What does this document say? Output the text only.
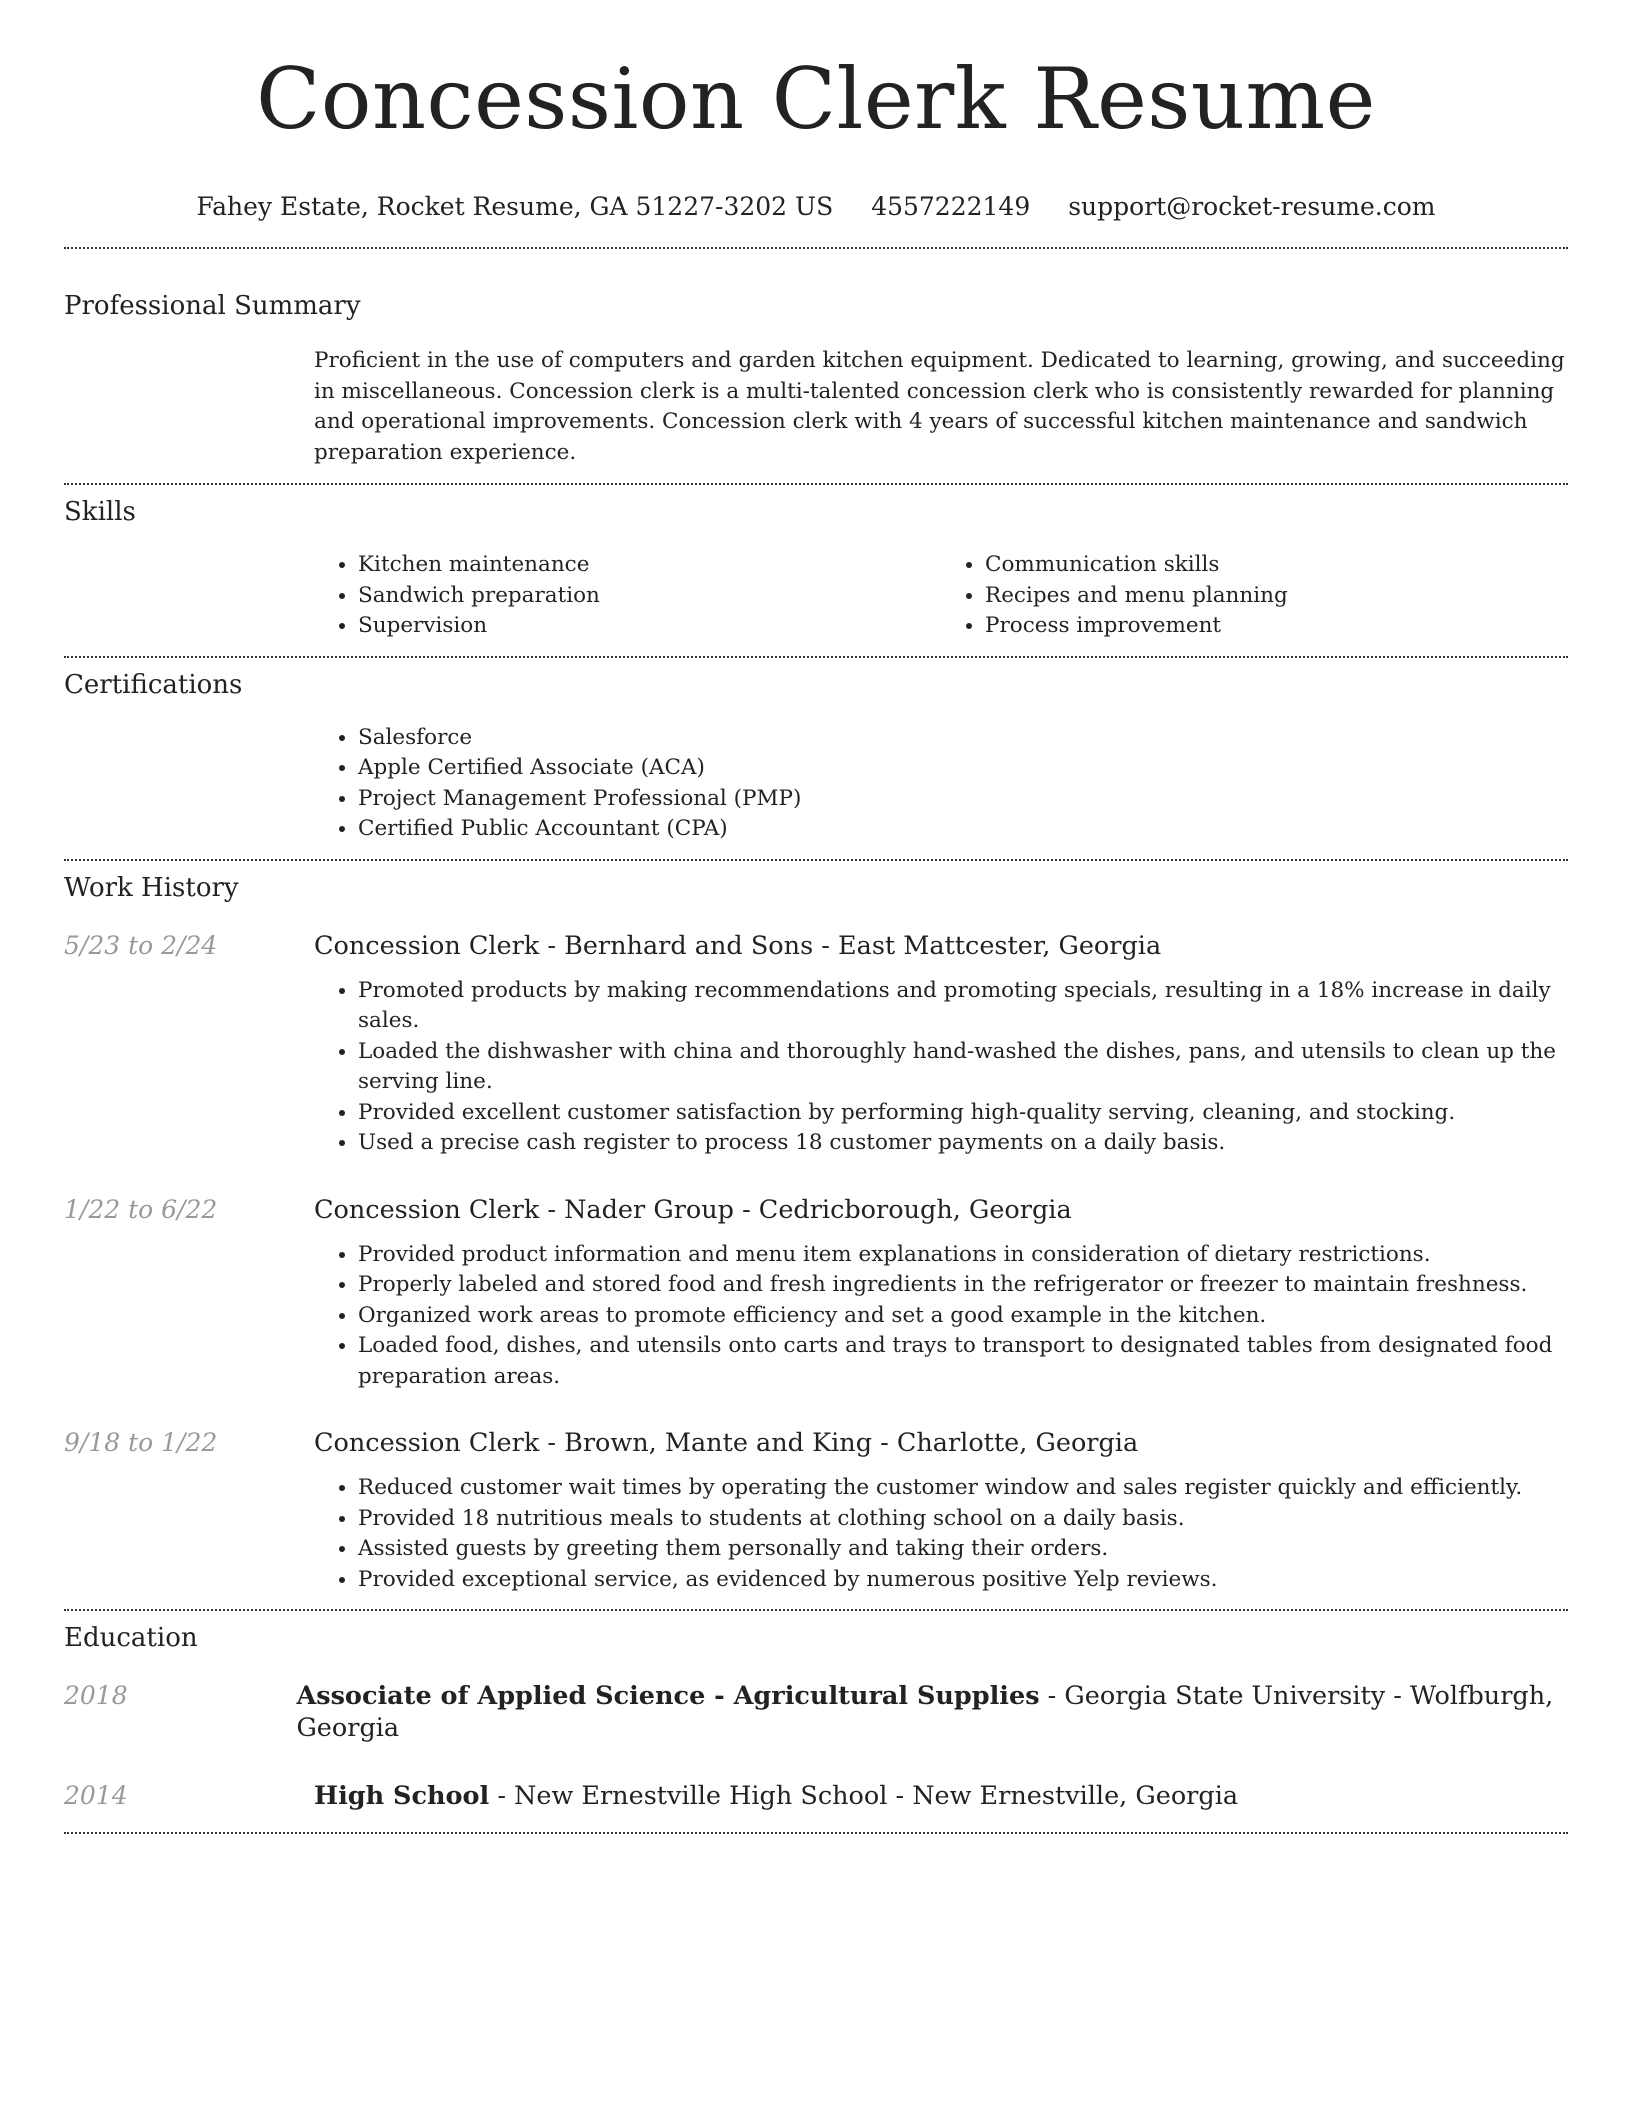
Concession Clerk Resume
Fahey Estate, Rocket Resume, GA 51227-3202 US 4557222149 support@rocket-resume.com
Professional Summary
Proficient in the use of computers and garden kitchen equipment. Dedicated to learning, growing, and succeeding in miscellaneous. Concession clerk is a multi-talented concession clerk who is consistently rewarded for planning and operational improvements. Concession clerk with 4 years of successful kitchen maintenance and sandwich preparation experience.
Skills
• Kitchen maintenance
• Sandwich preparation
• Supervision
• Communication skills
• Recipes and menu planning
• Process improvement
Certifications
• Salesforce
• Apple Certified Associate (ACA)
• Project Management Professional (PMP)
• Certified Public Accountant (CPA)
Work History
5/23 to 2/24	Concession Clerk - Bernhard and Sons - East Mattcester, Georgia
• Promoted products by making recommendations and promoting specials, resulting in a 18% increase in daily sales.
• Loaded the dishwasher with china and thoroughly hand-washed the dishes, pans, and utensils to clean up the serving line.
• Provided excellent customer satisfaction by performing high-quality serving, cleaning, and stocking.
• Used a precise cash register to process 18 customer payments on a daily basis.
1/22 to 6/22	Concession Clerk - Nader Group - Cedricborough, Georgia
• Provided product information and menu item explanations in consideration of dietary restrictions.
• Properly labeled and stored food and fresh ingredients in the refrigerator or freezer to maintain freshness.
• Organized work areas to promote efficiency and set a good example in the kitchen.
• Loaded food, dishes, and utensils onto carts and trays to transport to designated tables from designated food preparation areas.
9/18 to 1/22	Concession Clerk - Brown, Mante and King - Charlotte, Georgia
• Reduced customer wait times by operating the customer window and sales register quickly and efficiently.
• Provided 18 nutritious meals to students at clothing school on a daily basis.
• Assisted guests by greeting them personally and taking their orders.
• Provided exceptional service, as evidenced by numerous positive Yelp reviews.
Education
2018	Associate of Applied Science - Agricultural Supplies - Georgia State University - Wolfburgh, Georgia
2014	High School - New Ernestville High School - New Ernestville, Georgia
